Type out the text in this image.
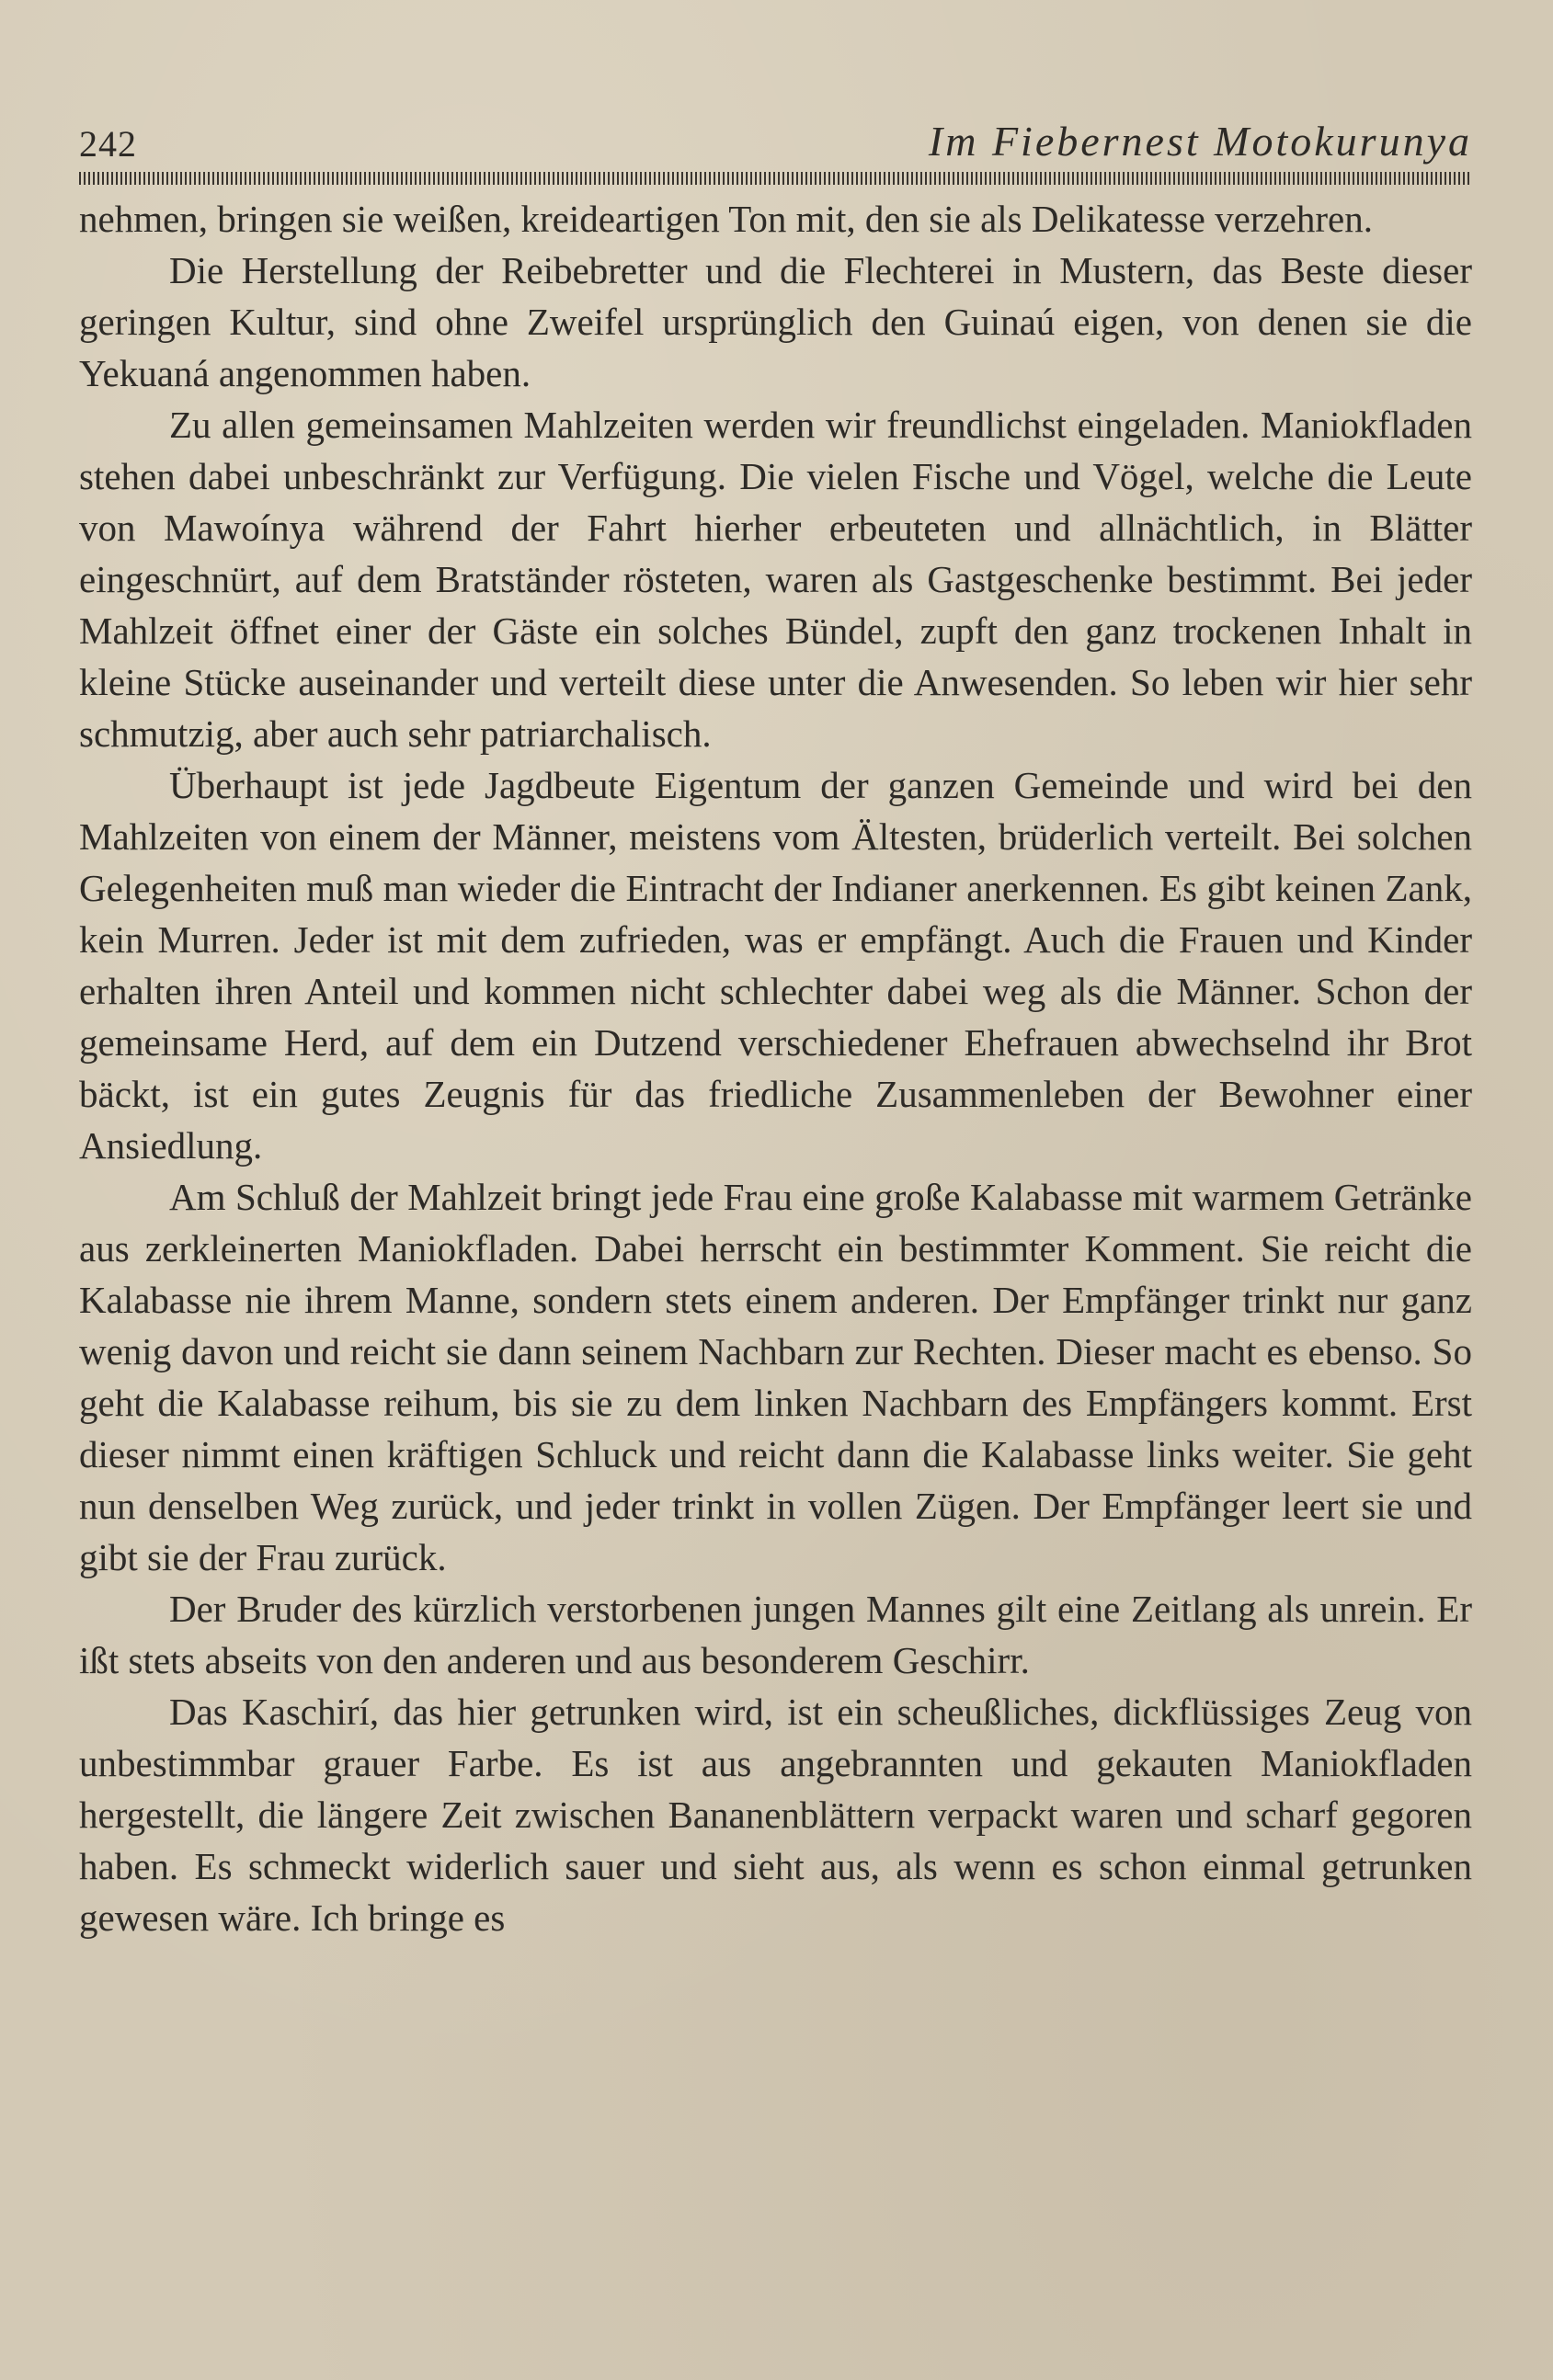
242	Im Fiebernest Motokurunya

nehmen, bringen sie weißen, kreideartigen Ton mit, den sie als Delikatesse verzehren.

Die Herstellung der Reibebretter und die Flechterei in Mustern, das Beste dieser geringen Kultur, sind ohne Zweifel ursprünglich den Guinaú eigen, von denen sie die Yekuaná angenommen haben.

Zu allen gemeinsamen Mahlzeiten werden wir freundlichst eingeladen. Maniokfladen stehen dabei unbeschränkt zur Verfügung. Die vielen Fische und Vögel, welche die Leute von Mawoínya während der Fahrt hierher erbeuteten und allnächtlich, in Blätter eingeschnürt, auf dem Bratständer rösteten, waren als Gastgeschenke bestimmt. Bei jeder Mahlzeit öffnet einer der Gäste ein solches Bündel, zupft den ganz trockenen Inhalt in kleine Stücke auseinander und verteilt diese unter die Anwesenden. So leben wir hier sehr schmutzig, aber auch sehr patriarchalisch.

Überhaupt ist jede Jagdbeute Eigentum der ganzen Gemeinde und wird bei den Mahlzeiten von einem der Männer, meistens vom Ältesten, brüderlich verteilt. Bei solchen Gelegenheiten muß man wieder die Eintracht der Indianer anerkennen. Es gibt keinen Zank, kein Murren. Jeder ist mit dem zufrieden, was er empfängt. Auch die Frauen und Kinder erhalten ihren Anteil und kommen nicht schlechter dabei weg als die Männer. Schon der gemeinsame Herd, auf dem ein Dutzend verschiedener Ehefrauen abwechselnd ihr Brot bäckt, ist ein gutes Zeugnis für das friedliche Zusammenleben der Bewohner einer Ansiedlung.

Am Schluß der Mahlzeit bringt jede Frau eine große Kalabasse mit warmem Getränke aus zerkleinerten Maniokfladen. Dabei herrscht ein bestimmter Komment. Sie reicht die Kalabasse nie ihrem Manne, sondern stets einem anderen. Der Empfänger trinkt nur ganz wenig davon und reicht sie dann seinem Nachbarn zur Rechten. Dieser macht es ebenso. So geht die Kalabasse reihum, bis sie zu dem linken Nachbarn des Empfängers kommt. Erst dieser nimmt einen kräftigen Schluck und reicht dann die Kalabasse links weiter. Sie geht nun denselben Weg zurück, und jeder trinkt in vollen Zügen. Der Empfänger leert sie und gibt sie der Frau zurück.

Der Bruder des kürzlich verstorbenen jungen Mannes gilt eine Zeitlang als unrein. Er ißt stets abseits von den anderen und aus besonderem Geschirr.

Das Kaschirí, das hier getrunken wird, ist ein scheußliches, dickflüssiges Zeug von unbestimmbar grauer Farbe. Es ist aus angebrannten und gekauten Maniokfladen hergestellt, die längere Zeit zwischen Bananenblättern verpackt waren und scharf gegoren haben. Es schmeckt widerlich sauer und sieht aus, als wenn es schon einmal getrunken gewesen wäre. Ich bringe es
